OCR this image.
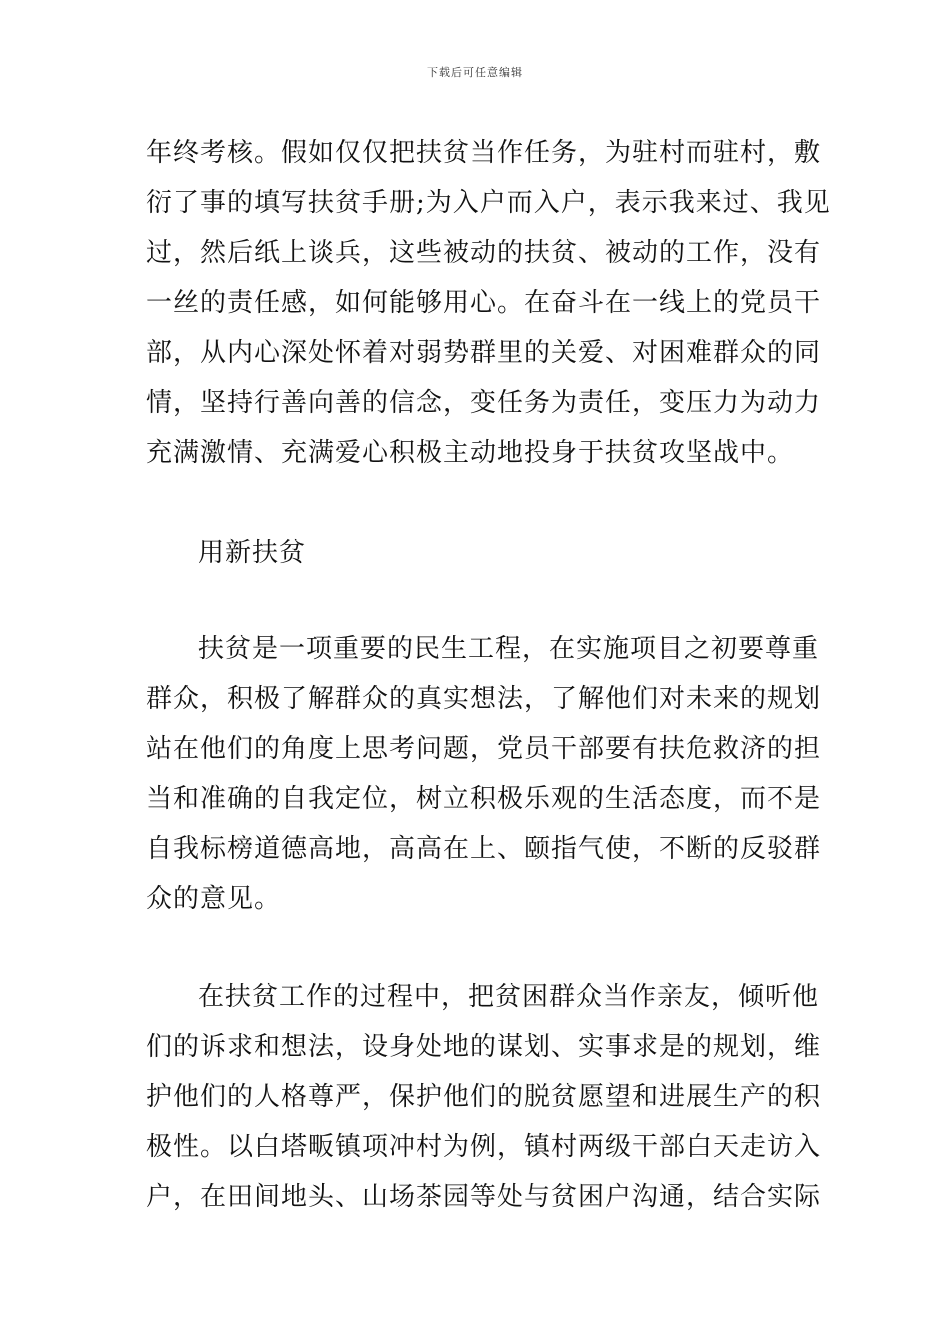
下载后可任意编辑
年终考核。假如仅仅把扶贫当作任务，为驻村而驻村，敷
衍了事的填写扶贫手册;为入户而入户，表示我来过、我见
过，然后纸上谈兵，这些被动的扶贫、被动的工作，没有
一丝的责任感，如何能够用心。在奋斗在一线上的党员干
部，从内心深处怀着对弱势群里的关爱、对困难群众的同
情，坚持行善向善的信念，变任务为责任，变压力为动力
充满激情、充满爱心积极主动地投身于扶贫攻坚战中。
用新扶贫
扶贫是一项重要的民生工程，在实施项目之初要尊重
群众，积极了解群众的真实想法，了解他们对未来的规划
站在他们的角度上思考问题，党员干部要有扶危救济的担
当和准确的自我定位，树立积极乐观的生活态度，而不是
自我标榜道德高地，高高在上、颐指气使，不断的反驳群
众的意见。
在扶贫工作的过程中，把贫困群众当作亲友，倾听他
们的诉求和想法，设身处地的谋划、实事求是的规划，维
护他们的人格尊严，保护他们的脱贫愿望和进展生产的积
极性。以白塔畈镇项冲村为例，镇村两级干部白天走访入
户，在田间地头、山场茶园等处与贫困户沟通，结合实际
